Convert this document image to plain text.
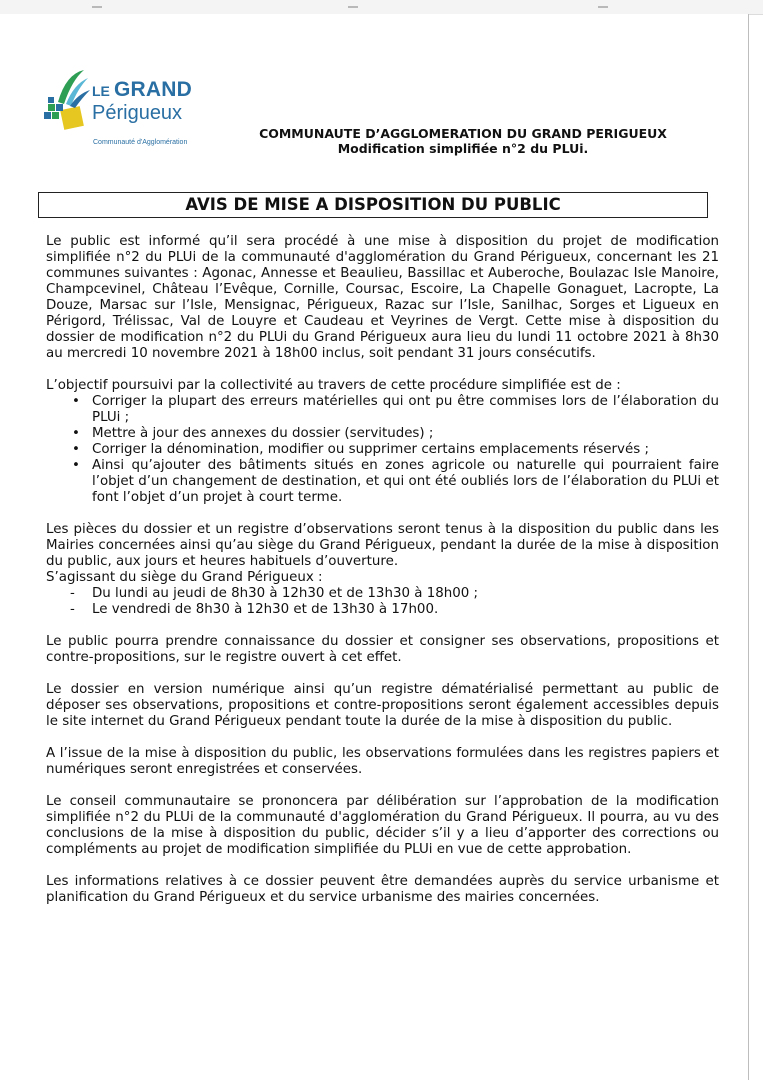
LE GRAND
Périgueux
Communauté d'Agglomération
COMMUNAUTE D’AGGLOMERATION DU GRAND PERIGUEUX
Modification simplifiée n°2 du PLUi.
AVIS DE MISE A DISPOSITION DU PUBLIC

Le public est informé qu’il sera procédé à une mise à disposition du projet de modification simplifiée n°2 du PLUi de la communauté d'agglomération du Grand Périgueux, concernant les 21 communes suivantes : Agonac, Annesse et Beaulieu, Bassillac et Auberoche, Boulazac Isle Manoire, Champcevinel, Château l’Evêque, Cornille, Coursac, Escoire, La Chapelle Gonaguet, Lacropte, La Douze, Marsac sur l’Isle, Mensignac, Périgueux, Razac sur l’Isle, Sanilhac, Sorges et Ligueux en Périgord, Trélissac, Val de Louyre et Caudeau et Veyrines de Vergt. Cette mise à disposition du dossier de modification n°2 du PLUi du Grand Périgueux aura lieu du lundi 11 octobre 2021 à 8h30 au mercredi 10 novembre 2021 à 18h00 inclus, soit pendant 31 jours consécutifs.

L’objectif poursuivi par la collectivité au travers de cette procédure simplifiée est de :

• Corriger la plupart des erreurs matérielles qui ont pu être commises lors de l’élaboration du PLUi ;
• Mettre à jour des annexes du dossier (servitudes) ;
• Corriger la dénomination, modifier ou supprimer certains emplacements réservés ;
• Ainsi qu’ajouter des bâtiments situés en zones agricole ou naturelle qui pourraient faire l’objet d’un changement de destination, et qui ont été oubliés lors de l’élaboration du PLUi et font l’objet d’un projet à court terme.

Les pièces du dossier et un registre d’observations seront tenus à la disposition du public dans les Mairies concernées ainsi qu’au siège du Grand Périgueux, pendant la durée de la mise à disposition du public, aux jours et heures habituels d’ouverture.

S’agissant du siège du Grand Périgueux :

- Du lundi au jeudi de 8h30 à 12h30 et de 13h30 à 18h00 ;
- Le vendredi de 8h30 à 12h30 et de 13h30 à 17h00.

Le public pourra prendre connaissance du dossier et consigner ses observations, propositions et contre-propositions, sur le registre ouvert à cet effet.

Le dossier en version numérique ainsi qu’un registre dématérialisé permettant au public de déposer ses observations, propositions et contre-propositions seront également accessibles depuis le site internet du Grand Périgueux pendant toute la durée de la mise à disposition du public.

A l’issue de la mise à disposition du public, les observations formulées dans les registres papiers et numériques seront enregistrées et conservées.

Le conseil communautaire se prononcera par délibération sur l’approbation de la modification simplifiée n°2 du PLUi de la communauté d'agglomération du Grand Périgueux. Il pourra, au vu des conclusions de la mise à disposition du public, décider s’il y a lieu d’apporter des corrections ou compléments au projet de modification simplifiée du PLUi en vue de cette approbation.

Les informations relatives à ce dossier peuvent être demandées auprès du service urbanisme et planification du Grand Périgueux et du service urbanisme des mairies concernées.
